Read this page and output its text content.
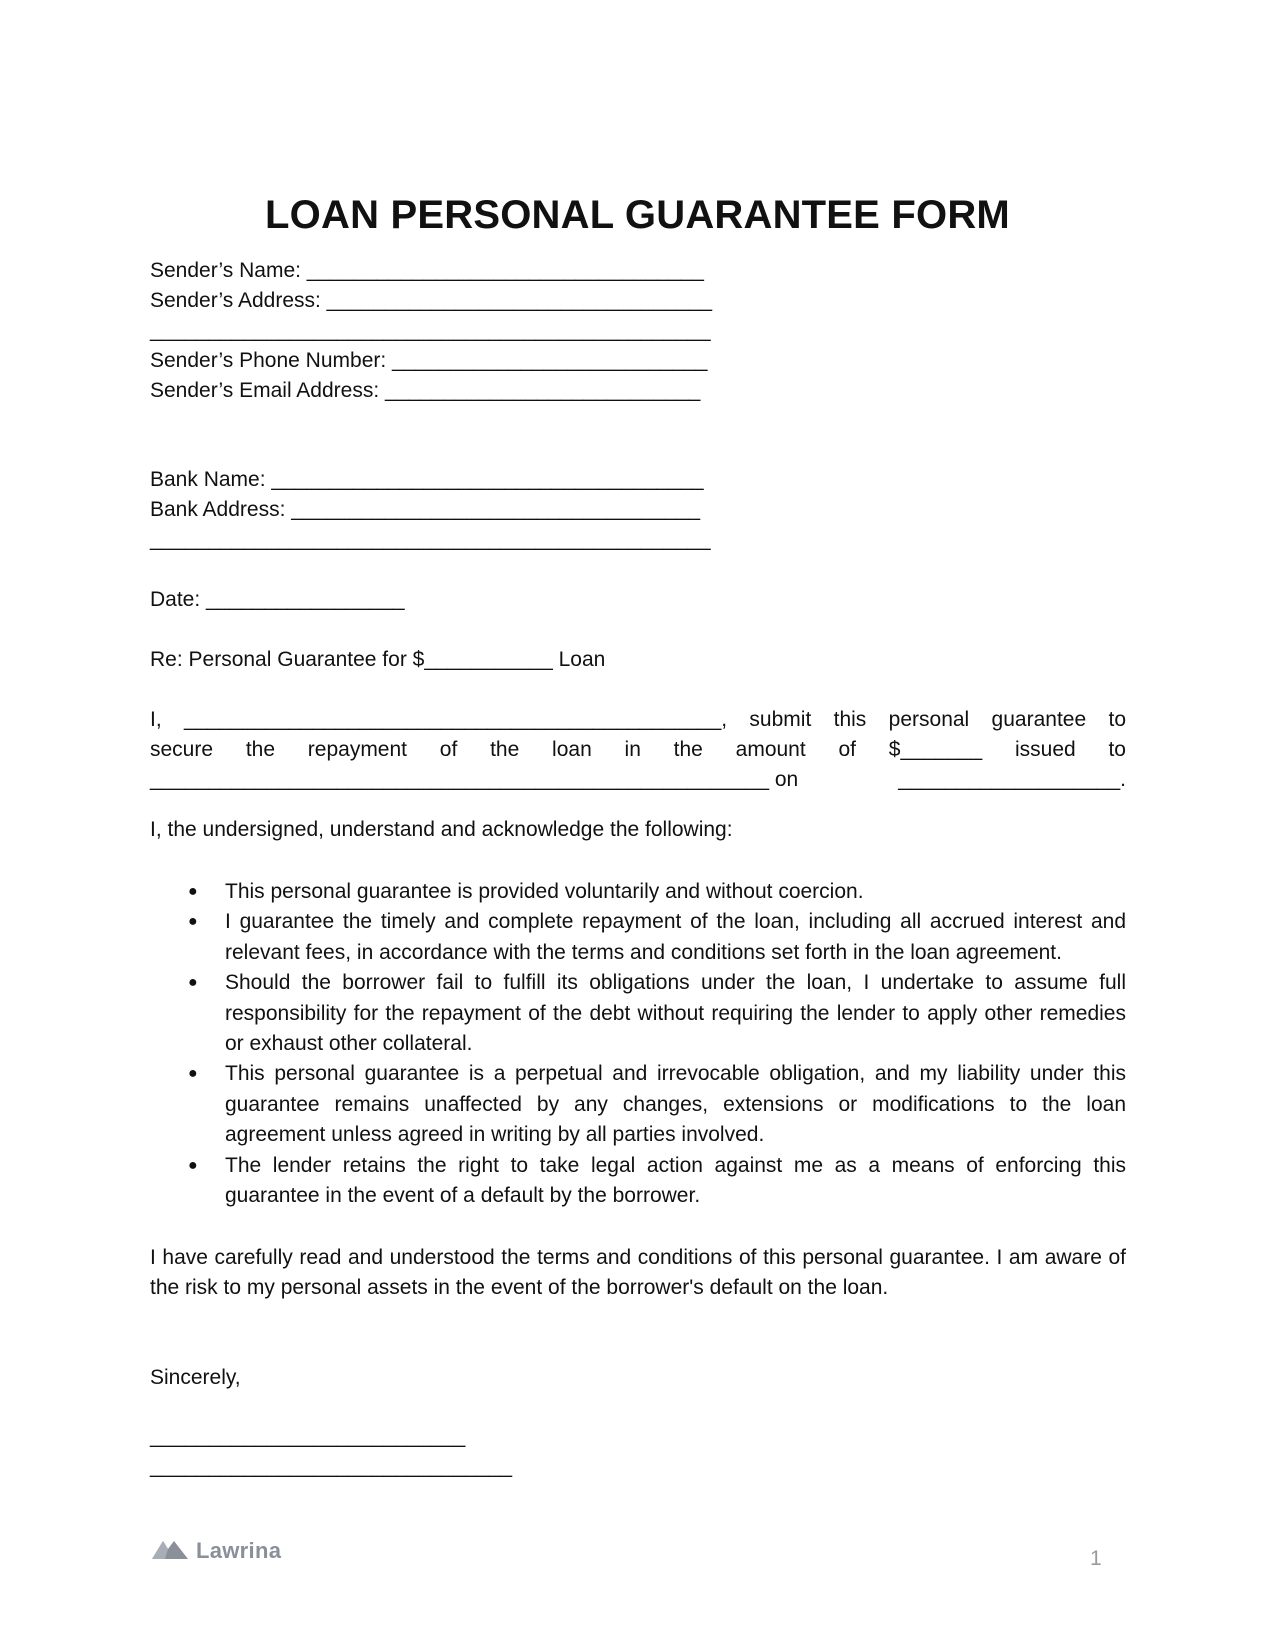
LOAN PERSONAL GUARANTEE FORM

Sender’s Name: __________________________________

Sender’s Address: _________________________________

________________________________________________

Sender’s Phone Number: ___________________________

Sender’s Email Address: ___________________________

Bank Name: _____________________________________

Bank Address: ___________________________________

________________________________________________

Date: _________________

Re: Personal Guarantee for $___________ Loan

I, ______________________________________________, submit this personal guarantee to
secure the repayment of the loan in the amount of $_______ issued to
_____________________________________________________ on	___________________.

I, the undersigned, understand and acknowledge the following:

● This personal guarantee is provided voluntarily and without coercion.
● I guarantee the timely and complete repayment of the loan, including all accrued interest and relevant fees, in accordance with the terms and conditions set forth in the loan agreement.
● Should the borrower fail to fulfill its obligations under the loan, I undertake to assume full responsibility for the repayment of the debt without requiring the lender to apply other remedies or exhaust other collateral.
● This personal guarantee is a perpetual and irrevocable obligation, and my liability under this guarantee remains unaffected by any changes, extensions or modifications to the loan agreement unless agreed in writing by all parties involved.
● The lender retains the right to take legal action against me as a means of enforcing this guarantee in the event of a default by the borrower.

I have carefully read and understood the terms and conditions of this personal guarantee. I am aware of the risk to my personal assets in the event of the borrower's default on the loan.

Sincerely,

___________________________

_______________________________

Lawrina	1
